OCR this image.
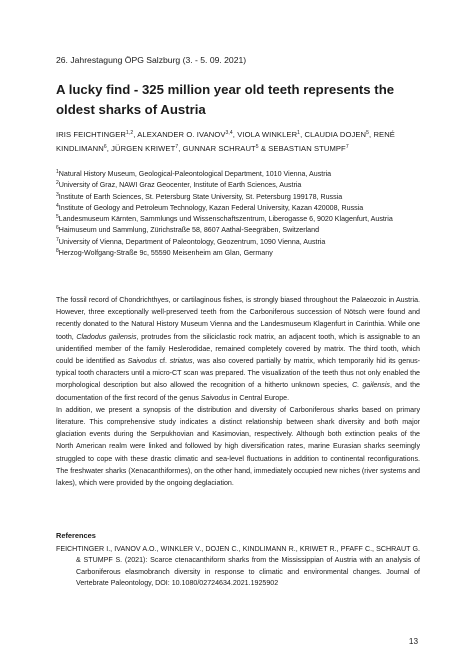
26. Jahrestagung ÖPG Salzburg (3. - 5. 09. 2021)
A lucky find - 325 million year old teeth represents the oldest sharks of Austria
IRIS FEICHTINGER$^{1,2}$, ALEXANDER O. IVANOV$^{3,4}$, VIOLA WINKLER$^1$, CLAUDIA DOJEN$^5$, RENÉ KINDLIMANN$^6$, JÜRGEN KRIWET$^7$, GUNNAR SCHRAUT$^5$ & SEBASTIAN STUMPF$^7$
$^1$Natural History Museum, Geological-Paleontological Department, 1010 Vienna, Austria
$^2$University of Graz, NAWI Graz Geocenter, Institute of Earth Sciences, Austria
$^3$Institute of Earth Sciences, St. Petersburg State University, St. Petersburg 199178, Russia
$^4$Institute of Geology and Petroleum Technology, Kazan Federal University, Kazan 420008, Russia
$^5$Landesmuseum Kärnten, Sammlungs und Wissenschaftszentrum, Liberogasse 6, 9020 Klagenfurt, Austria
$^6$Haimuseum und Sammlung, Zürichstraße 58, 8607 Aathal-Seegräben, Switzerland
$^7$University of Vienna, Department of Paleontology, Geozentrum, 1090 Vienna, Austria
$^8$Herzog-Wolfgang-Straße 9c, 55590 Meisenheim am Glan, Germany

The fossil record of Chondrichthyes, or cartilaginous fishes, is strongly biased throughout the Palaeozoic in Austria. However, three exceptionally well-preserved teeth from the Carboniferous succession of Nötsch were found and recently donated to the Natural History Museum Vienna and the Landesmuseum Klagenfurt in Carinthia. While one tooth, Cladodus gailensis, protrudes from the siliciclastic rock matrix, an adjacent tooth, which is assignable to an unidentified member of the family Heslerodidae, remained completely covered by matrix. The third tooth, which could be identified as Saivodus cf. striatus, was also covered partially by matrix, which temporarily hid its genus-typical tooth characters until a micro-CT scan was prepared. The visualization of the teeth thus not only enabled the morphological description but also allowed the recognition of a hitherto unknown species, C. gailensis, and the documentation of the first record of the genus Saivodus in Central Europe.

In addition, we present a synopsis of the distribution and diversity of Carboniferous sharks based on primary literature. This comprehensive study indicates a distinct relationship between shark diversity and both major glaciation events during the Serpukhovian and Kasimovian, respectively. Although both extinction peaks of the North American realm were linked and followed by high diversification rates, marine Eurasian sharks seemingly struggled to cope with these drastic climatic and sea-level fluctuations in addition to continental reconfigurations. The freshwater sharks (Xenacanthiformes), on the other hand, immediately occupied new niches (river systems and lakes), which were provided by the ongoing deglaciation.

References
FEICHTINGER I., IVANOV A.O., WINKLER V., DOJEN C., KINDLIMANN R., KRIWET R., PFAFF C., SCHRAUT G. & STUMPF S. (2021): Scarce ctenacanthiform sharks from the Mississippian of Austria with an analysis of Carboniferous elasmobranch diversity in response to climatic and environmental changes. Journal of Vertebrate Paleontology, DOI: 10.1080/02724634.2021.1925902
13
